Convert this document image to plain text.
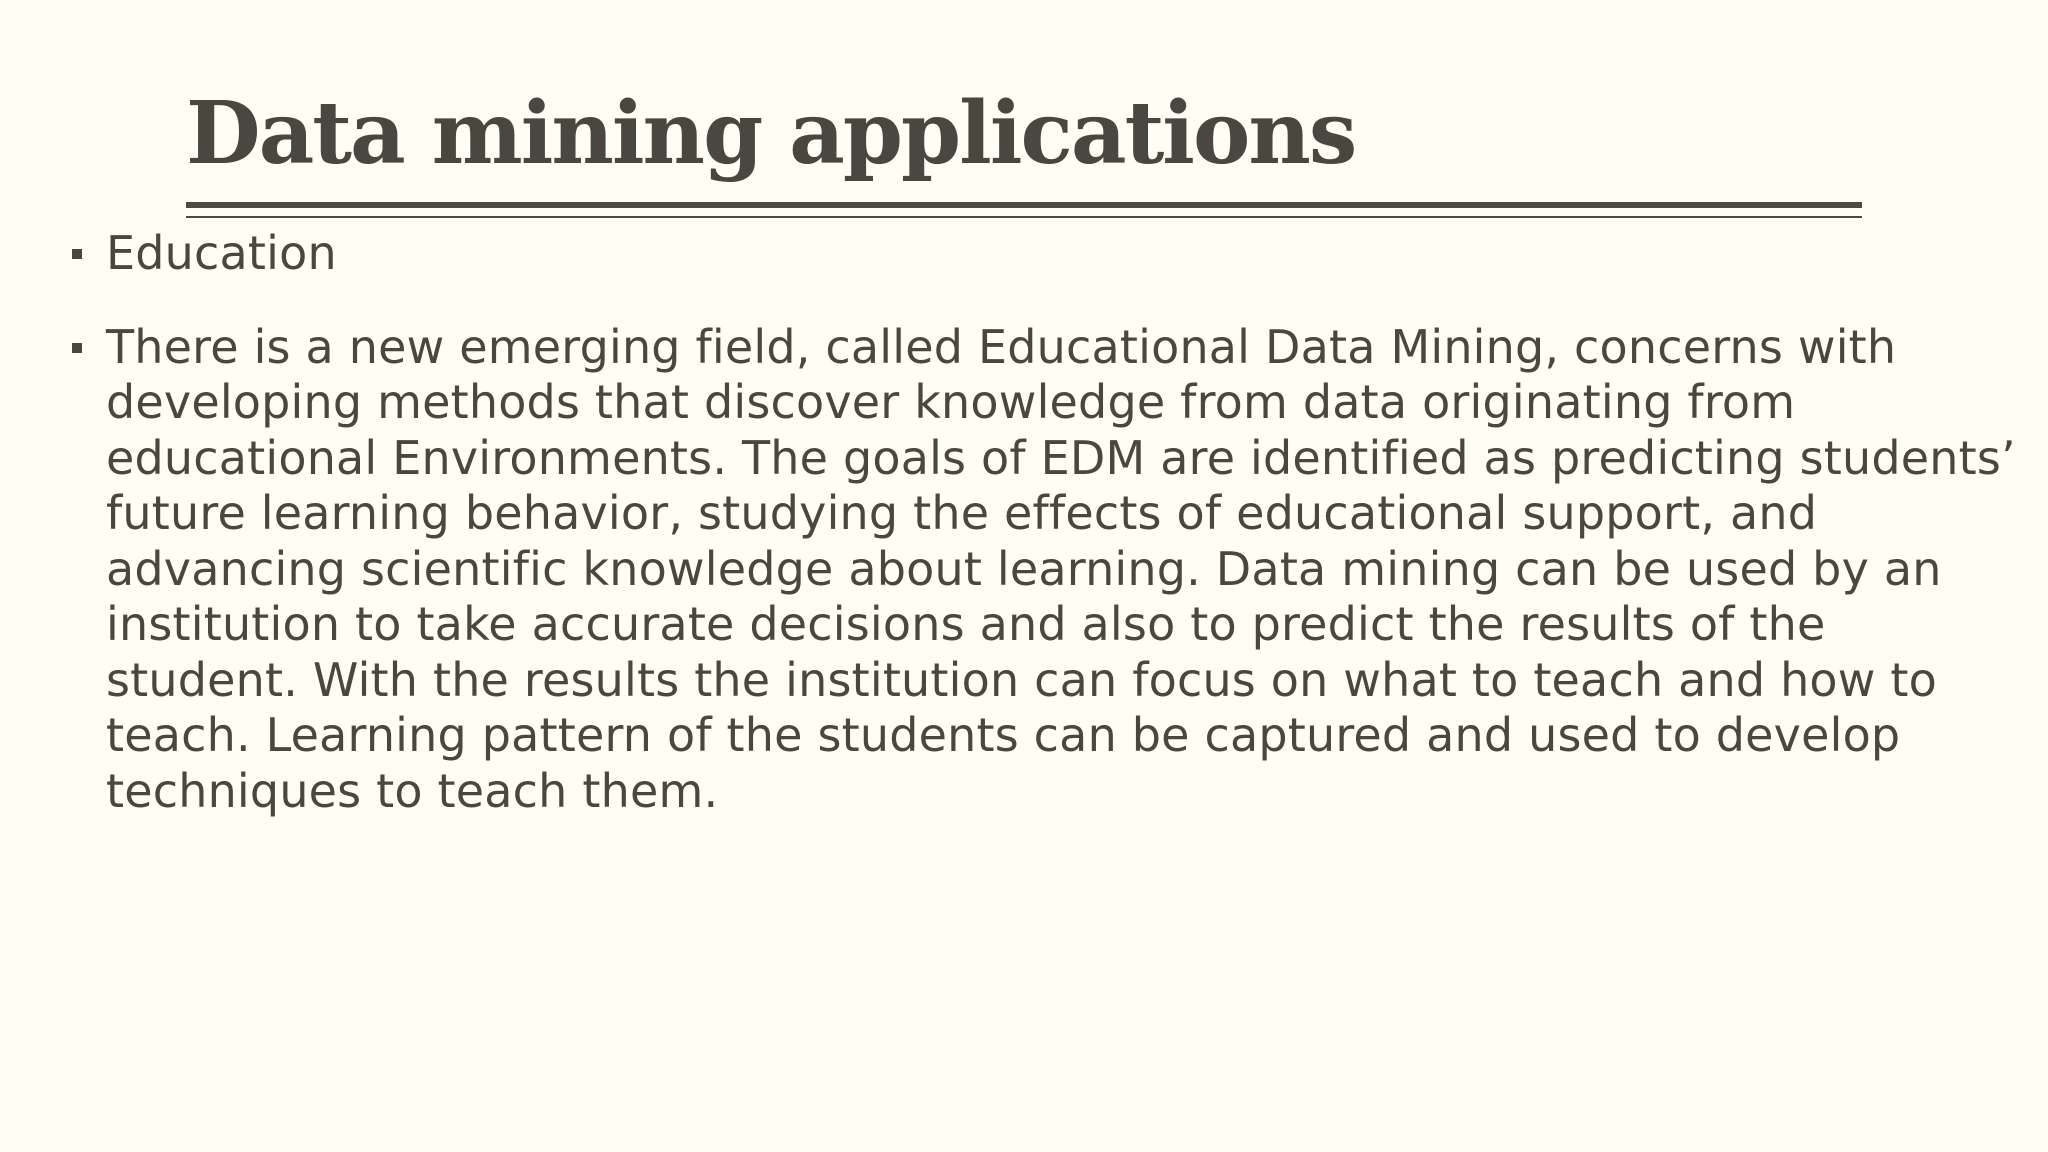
Data mining applications
Education
There is a new emerging field, called Educational Data Mining, concerns with
developing methods that discover knowledge from data originating from
educational Environments. The goals of EDM are identified as predicting students’
future learning behavior, studying the effects of educational support, and
advancing scientific knowledge about learning. Data mining can be used by an
institution to take accurate decisions and also to predict the results of the
student. With the results the institution can focus on what to teach and how to
teach. Learning pattern of the students can be captured and used to develop
techniques to teach them.
